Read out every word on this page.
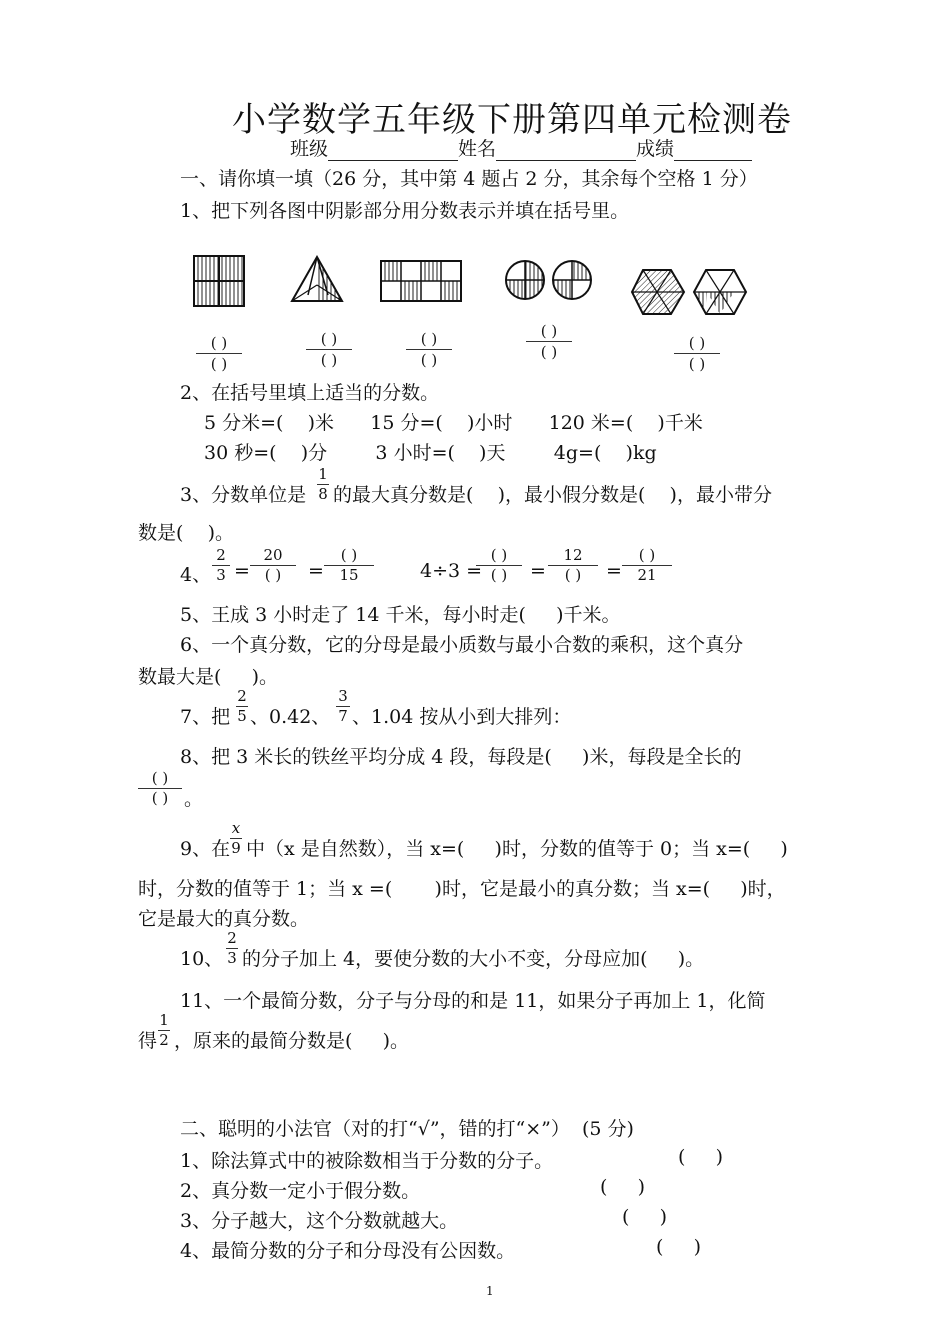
小学数学五年级下册第四单元检测卷
班级	姓名	成绩
一、请你填一填（26 分，其中第 4 题占 2 分，其余每个空格 1 分）
1、把下列各图中阴影部分用分数表示并填在括号里。
( )
( )
( )
( )
( )
( )
( )
( )	( )
( )
2、在括号里填上适当的分数。
5 分米=(    )米      15 分=(    )小时      120 米=(    )千米
30 秒=(    )分        3 小时=(    )天        4g=(    )kg
3、分数单位是
1
8 的最大真分数是(    )，最小假分数是(    )，最小带分
数是(    )。
4、
2
3 =
20
( )	=
( )
15	4÷3 =
( )
( )	=
12
( )	=
( )
21
5、王成 3 小时走了 14 千米，每小时走(     )千米。
6、一个真分数，它的分母是最小质数与最小合数的乘积，这个真分
数最大是(     )。
7、把
2
5 、0.42、
3
7 、1.04 按从小到大排列：
8、把 3 米长的铁丝平均分成 4 段，每段是(     )米，每段是全长的
( )
( ) 。
9、在
x
9 中（x 是自然数），当 x=(     )时，分数的值等于 0；当 x=(     )
时，分数的值等于 1；当 x =(       )时，它是最小的真分数；当 x=(     )时，
它是最大的真分数。
10、
2
3 的分子加上 4，要使分数的大小不变，分母应加(     )。
11、一个最简分数，分子与分母的和是 11，如果分子再加上 1，化简
得
1
2 ，原来的最简分数是(     )。
二、聪明的小法官（对的打“√”，错的打“×”）  (5 分)
1、除法算式中的被除数相当于分数的分子。	(     )
2、真分数一定小于假分数。	(     )
3、分子越大，这个分数就越大。	(     )
4、最简分数的分子和分母没有公因数。	(     )
1
